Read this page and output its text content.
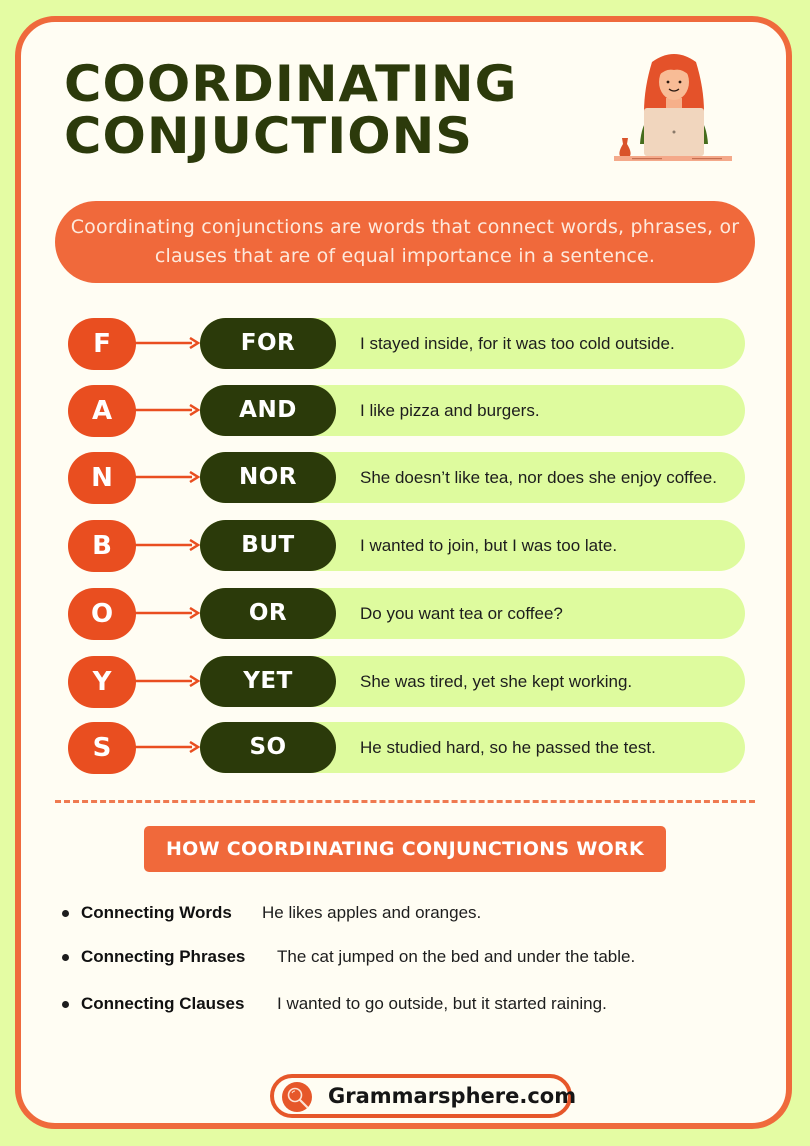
COORDINATING
CONJUCTIONS
Coordinating conjunctions are words that connect words, phrases, or clauses that are of equal importance in a sentence.
F	FOR	I stayed inside, for it was too cold outside.
A	AND	I like pizza and burgers.
N	NOR	She doesn’t like tea, nor does she enjoy coffee.
B	BUT	I wanted to join, but I was too late.
O	OR	Do you want tea or coffee?
Y	YET	She was tired, yet she kept working.
S	SO	He studied hard, so he passed the test.
HOW COORDINATING CONJUNCTIONS WORK
Connecting Words	He likes apples and oranges.
Connecting Phrases	The cat jumped on the bed and under the table.
Connecting Clauses	I wanted to go outside, but it started raining.
Grammarsphere.com
